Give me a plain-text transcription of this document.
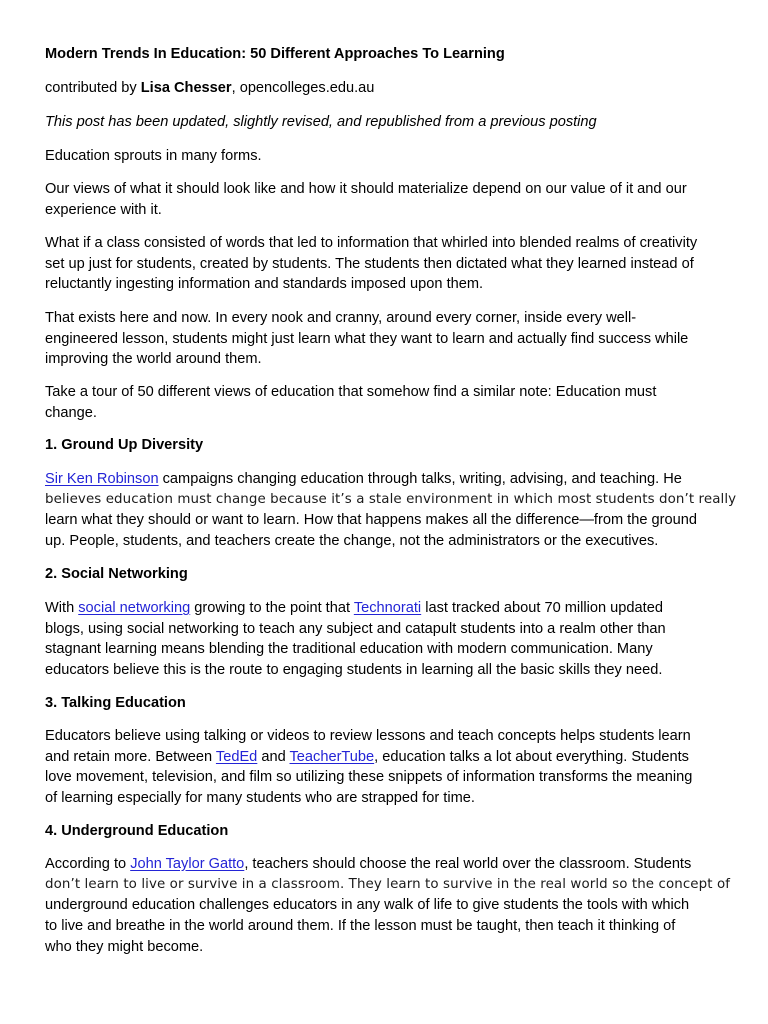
Modern Trends In Education: 50 Different Approaches To Learning

contributed by Lisa Chesser, opencolleges.edu.au

This post has been updated, slightly revised, and republished from a previous posting

Education sprouts in many forms.

Our views of what it should look like and how it should materialize depend on our value of it and our
experience with it.

What if a class consisted of words that led to information that whirled into blended realms of creativity
set up just for students, created by students. The students then dictated what they learned instead of
reluctantly ingesting information and standards imposed upon them.

That exists here and now. In every nook and cranny, around every corner, inside every well-
engineered lesson, students might just learn what they want to learn and actually find success while
improving the world around them.

Take a tour of 50 different views of education that somehow find a similar note: Education must
change.

1. Ground Up Diversity

Sir Ken Robinson campaigns changing education through talks, writing, advising, and teaching. He
believes education must change because it’s a stale environment in which most students don’t really
learn what they should or want to learn. How that happens makes all the difference—from the ground
up. People, students, and teachers create the change, not the administrators or the executives.

2. Social Networking

With social networking growing to the point that Technorati last tracked about 70 million updated
blogs, using social networking to teach any subject and catapult students into a realm other than
stagnant learning means blending the traditional education with modern communication. Many
educators believe this is the route to engaging students in learning all the basic skills they need.

3. Talking Education

Educators believe using talking or videos to review lessons and teach concepts helps students learn
and retain more. Between TedEd and TeacherTube, education talks a lot about everything. Students
love movement, television, and film so utilizing these snippets of information transforms the meaning
of learning especially for many students who are strapped for time.

4. Underground Education

According to John Taylor Gatto, teachers should choose the real world over the classroom. Students
don’t learn to live or survive in a classroom. They learn to survive in the real world so the concept of
underground education challenges educators in any walk of life to give students the tools with which
to live and breathe in the world around them. If the lesson must be taught, then teach it thinking of
who they might become.
